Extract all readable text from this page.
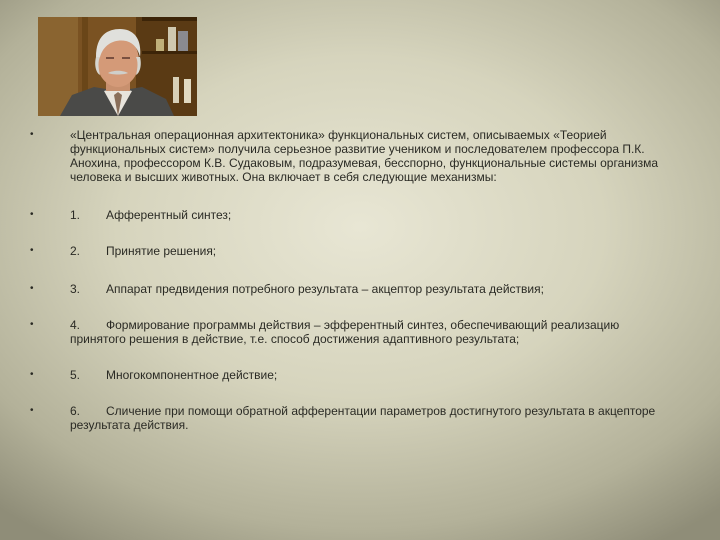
•	«Центральная операционная архитектоника» функциональных систем, описываемых «Теорией функциональных систем» получила серьезное развитие учеником и последователем профессора П.К. Анохина, профессором К.В. Судаковым, подразумевая, бесспорно, функциональные системы организма человека и высших животных. Она включает в себя следующие механизмы:
•	1. Афферентный синтез;
•	2. Принятие решения;
•	3. Аппарат предвидения потребного результата – акцептор результата действия;
•	4. Формирование программы действия – эфферентный синтез, обеспечивающий реализацию принятого решения в действие, т.е. способ достижения адаптивного результата;
•	5. Многокомпонентное действие;
•	6. Сличение при помощи обратной афферентации параметров достигнутого результата в акцепторе результата действия.
